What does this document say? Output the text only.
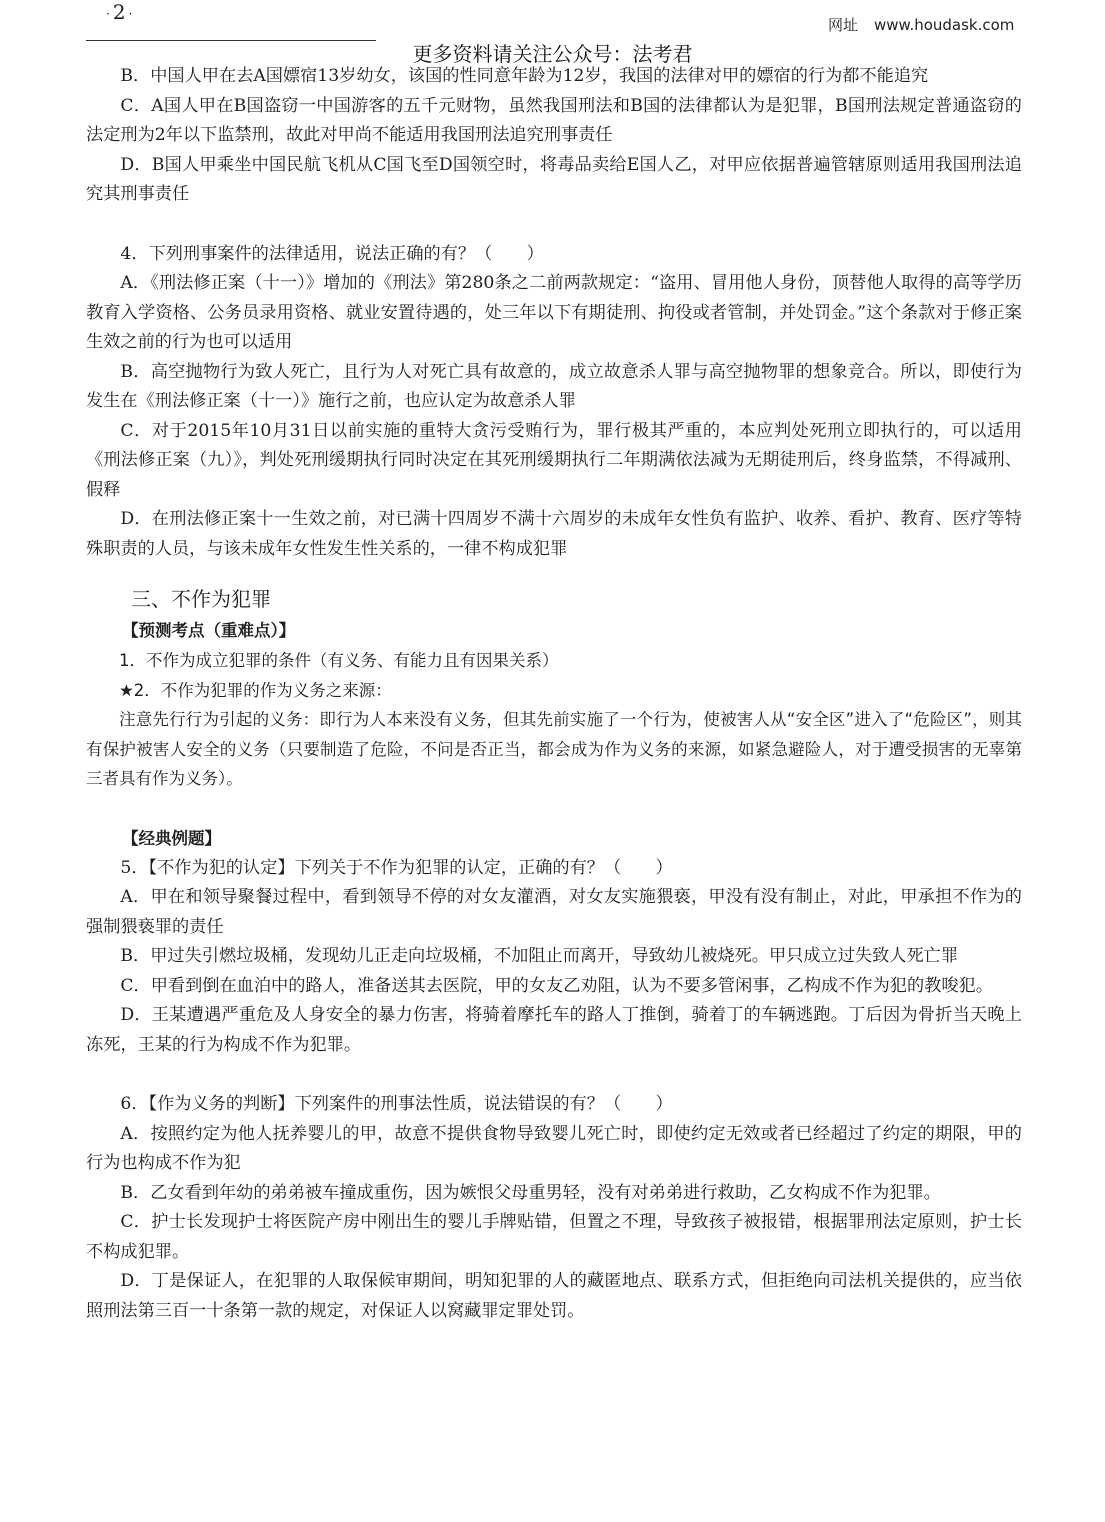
· 2 ·
网址 www.houdask.com
更多资料请关注公众号：法考君

B．中国人甲在去A国嫖宿13岁幼女，该国的性同意年龄为12岁，我国的法律对甲的嫖宿的行为都不能追究

C．A国人甲在B国盗窃一中国游客的五千元财物，虽然我国刑法和B国的法律都认为是犯罪，B国刑法规定普通盗窃的法定刑为2年以下监禁刑，故此对甲尚不能适用我国刑法追究刑事责任

D．B国人甲乘坐中国民航飞机从C国飞至D国领空时，将毒品卖给E国人乙，对甲应依据普遍管辖原则适用我国刑法追究其刑事责任

4．下列刑事案件的法律适用，说法正确的有？（　　）

A．《刑法修正案（十一）》增加的《刑法》第280条之二前两款规定：“盗用、冒用他人身份，顶替他人取得的高等学历教育入学资格、公务员录用资格、就业安置待遇的，处三年以下有期徒刑、拘役或者管制，并处罚金。”这个条款对于修正案生效之前的行为也可以适用

B．高空抛物行为致人死亡，且行为人对死亡具有故意的，成立故意杀人罪与高空抛物罪的想象竞合。所以，即使行为发生在《刑法修正案（十一）》施行之前，也应认定为故意杀人罪

C．对于2015年10月31日以前实施的重特大贪污受贿行为，罪行极其严重的，本应判处死刑立即执行的，可以适用《刑法修正案（九）》，判处死刑缓期执行同时决定在其死刑缓期执行二年期满依法减为无期徒刑后，终身监禁，不得减刑、假释

D．在刑法修正案十一生效之前，对已满十四周岁不满十六周岁的未成年女性负有监护、收养、看护、教育、医疗等特殊职责的人员，与该未成年女性发生性关系的，一律不构成犯罪

三、不作为犯罪
【预测考点（重难点）】

1．不作为成立犯罪的条件（有义务、有能力且有因果关系）

★2．不作为犯罪的作为义务之来源：

注意先行行为引起的义务：即行为人本来没有义务，但其先前实施了一个行为，使被害人从“安全区”进入了“危险区”，则其有保护被害人安全的义务（只要制造了危险，不问是否正当，都会成为作为义务的来源，如紧急避险人，对于遭受损害的无辜第三者具有作为义务）。

【经典例题】

5．【不作为犯的认定】下列关于不作为犯罪的认定，正确的有？（　　）

A．甲在和领导聚餐过程中，看到领导不停的对女友灌酒，对女友实施猥亵，甲没有没有制止，对此，甲承担不作为的强制猥亵罪的责任

B．甲过失引燃垃圾桶，发现幼儿正走向垃圾桶，不加阻止而离开，导致幼儿被烧死。甲只成立过失致人死亡罪

C．甲看到倒在血泊中的路人，准备送其去医院，甲的女友乙劝阻，认为不要多管闲事，乙构成不作为犯的教唆犯。

D．王某遭遇严重危及人身安全的暴力伤害，将骑着摩托车的路人丁推倒，骑着丁的车辆逃跑。丁后因为骨折当天晚上冻死，王某的行为构成不作为犯罪。

6．【作为义务的判断】下列案件的刑事法性质，说法错误的有？（　　）

A．按照约定为他人抚养婴儿的甲，故意不提供食物导致婴儿死亡时，即使约定无效或者已经超过了约定的期限，甲的行为也构成不作为犯

B．乙女看到年幼的弟弟被车撞成重伤，因为嫉恨父母重男轻，没有对弟弟进行救助，乙女构成不作为犯罪。

C．护士长发现护士将医院产房中刚出生的婴儿手牌贴错，但置之不理，导致孩子被报错，根据罪刑法定原则，护士长不构成犯罪。

D．丁是保证人，在犯罪的人取保候审期间，明知犯罪的人的藏匿地点、联系方式，但拒绝向司法机关提供的，应当依照刑法第三百一十条第一款的规定，对保证人以窝藏罪定罪处罚。
